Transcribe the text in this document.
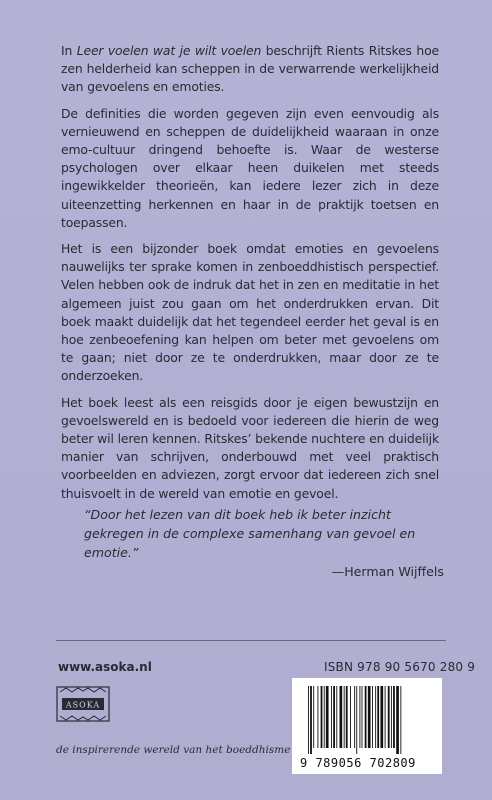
In Leer voelen wat je wilt voelen beschrijft Rients Ritskes hoe zen helderheid kan scheppen in de verwarrende werkelijkheid van gevoelens en emoties.

De definities die worden gegeven zijn even eenvoudig als vernieuwend en scheppen de duidelijkheid waaraan in onze emo-cultuur dringend behoefte is. Waar de westerse psychologen over elkaar heen duikelen met steeds ingewikkelder theorieën, kan iedere lezer zich in deze uiteenzetting herkennen en haar in de praktijk toetsen en toepassen.

Het is een bijzonder boek omdat emoties en gevoelens nauwelijks ter sprake komen in zenboeddhistisch perspectief. Velen hebben ook de indruk dat het in zen en meditatie in het algemeen juist zou gaan om het onderdrukken ervan. Dit boek maakt duidelijk dat het tegendeel eerder het geval is en hoe zenbeoefening kan helpen om beter met gevoelens om te gaan; niet door ze te onderdrukken, maar door ze te onderzoeken.

Het boek leest als een reisgids door je eigen bewustzijn en gevoelswereld en is bedoeld voor iedereen die hierin de weg beter wil leren kennen. Ritskes’ bekende nuchtere en duidelijk manier van schrijven, onderbouwd met veel praktisch voorbeelden en adviezen, zorgt ervoor dat iedereen zich snel thuisvoelt in de wereld van emotie en gevoel.

“Door het lezen van dit boek heb ik beter inzicht gekregen in de complexe samenhang van gevoel en emotie.”
—Herman Wijffels
www.asoka.nl	ISBN 978 90 5670 280 9
ASOKA
9 789056 702809
de inspirerende wereld van het boeddhisme
